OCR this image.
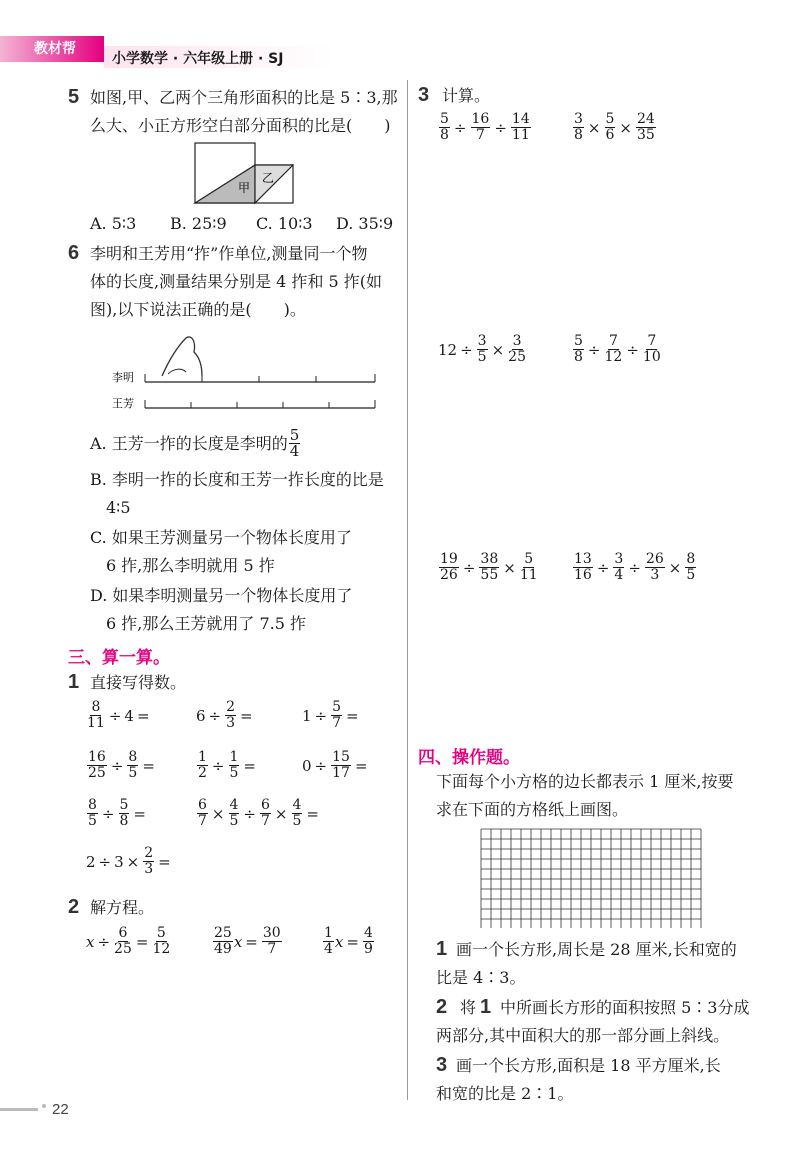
教材帮
小学数学 · 六年级上册 · SJ
5 如图,甲、乙两个三角形面积的比是 5∶3,那
么大、小正方形空白部分面积的比是(　　)
甲
乙
A. 5∶3 B. 25∶9 C. 10∶3 D. 35∶9
6 李明和王芳用“拃”作单位,测量同一个物
体的长度,测量结果分别是 4 拃和 5 拃(如
图),以下说法正确的是(　　)。
李明
王芳
A. 王芳一拃的长度是李明的 $\frac{5}{4}$
B. 李明一拃的长度和王芳一拃长度的比是
4∶5
C. 如果王芳测量另一个物体长度用了
6 拃,那么李明就用 5 拃
D. 如果李明测量另一个物体长度用了
6 拃,那么王芳就用了 7.5 拃
三、算一算。
1 直接写得数。
$\frac{8}{11} \div 4$ =	$6 \div \frac{2}{3}$ =	$1 \div \frac{5}{7}$ =
$\frac{16}{25} \div \frac{8}{5}$ =	$\frac{1}{2} \div \frac{1}{5}$ =	$0 \div \frac{15}{17}$ =
$\frac{8}{5} \div \frac{5}{8}$ =	$\frac{6}{7} \times \frac{4}{5} \div \frac{6}{7} \times \frac{4}{5}$ =
$2 \div 3 \times \frac{2}{3}$ =
2 解方程。
$x \div \frac{6}{25} = \frac{5}{12}$	$\frac{25}{49}$ $x = \frac{30}{7}$	$\frac{1}{4}$ $x = \frac{4}{9}$
3 计算。
$\frac{5}{8} \div \frac{16}{7} \div \frac{14}{11}$	$\frac{3}{8} \times \frac{5}{6} \times \frac{24}{35}$
$12 \div \frac{3}{5} \times \frac{3}{25}$	$\frac{5}{8} \div \frac{7}{12} \div \frac{7}{10}$
$\frac{19}{26} \div \frac{38}{55} \times \frac{5}{11}$	$\frac{13}{16} \div \frac{3}{4} \div \frac{26}{3} \times \frac{8}{5}$
四、操作题。
下面每个小方格的边长都表示 1 厘米,按要
求在下面的方格纸上画图。
1 画一个长方形,周长是 28 厘米,长和宽的
比是 4∶3。
2 将 1 中所画长方形的面积按照 5∶3分成
两部分,其中面积大的那一部分画上斜线。
3 画一个长方形,面积是 18 平方厘米,长
和宽的比是 2∶1。
22
